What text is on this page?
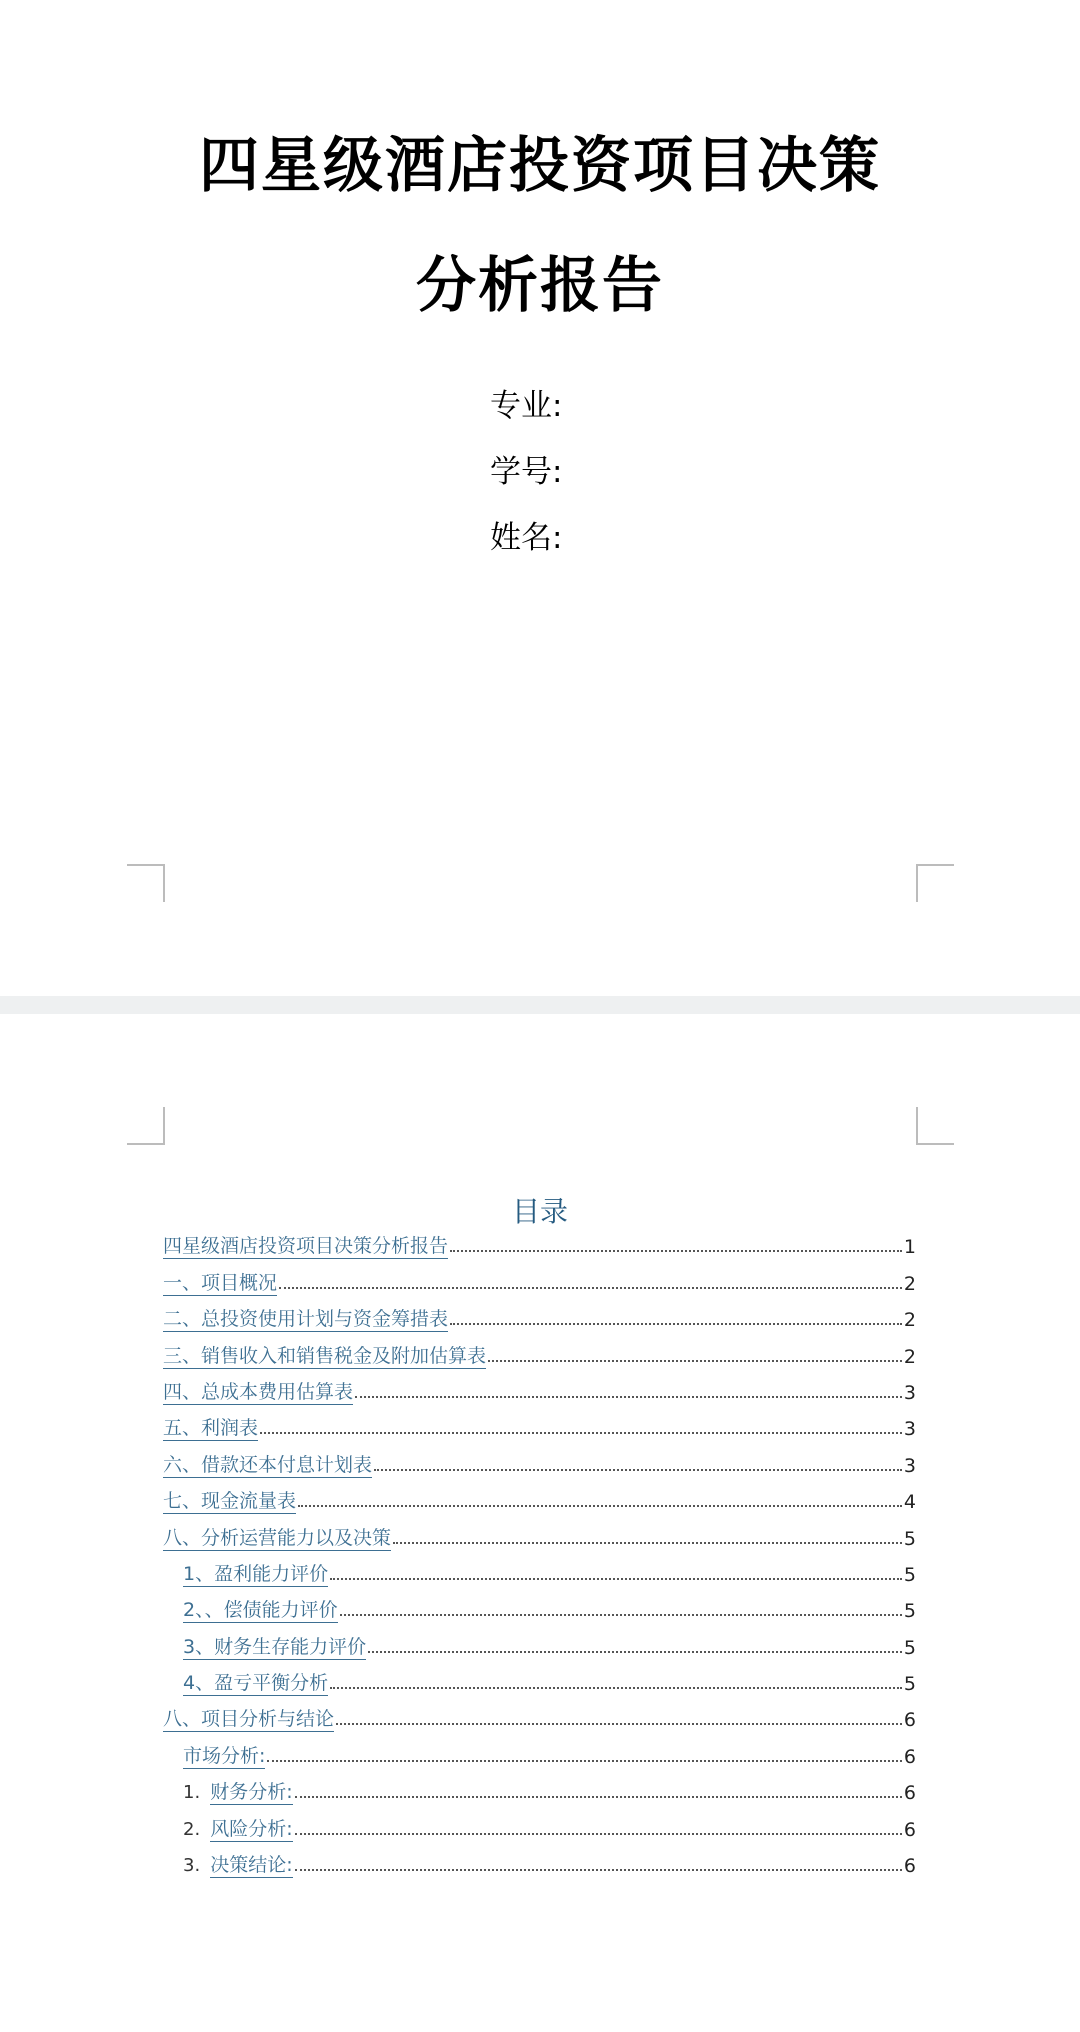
四星级酒店投资项目决策
分析报告
专业:
学号:
姓名:
目录
四星级酒店投资项目决策分析报告	1
一、项目概况	2
二、总投资使用计划与资金筹措表	2
三、销售收入和销售税金及附加估算表	2
四、总成本费用估算表	3
五、利润表	3
六、借款还本付息计划表	3
七、现金流量表	4
八、分析运营能力以及决策	5
1、盈利能力评价	5
2、、偿债能力评价	5
3、财务生存能力评价	5
4、盈亏平衡分析	5
八、项目分析与结论	6
市场分析:	6
1. 财务分析:	6
2. 风险分析:	6
3. 决策结论:	6
